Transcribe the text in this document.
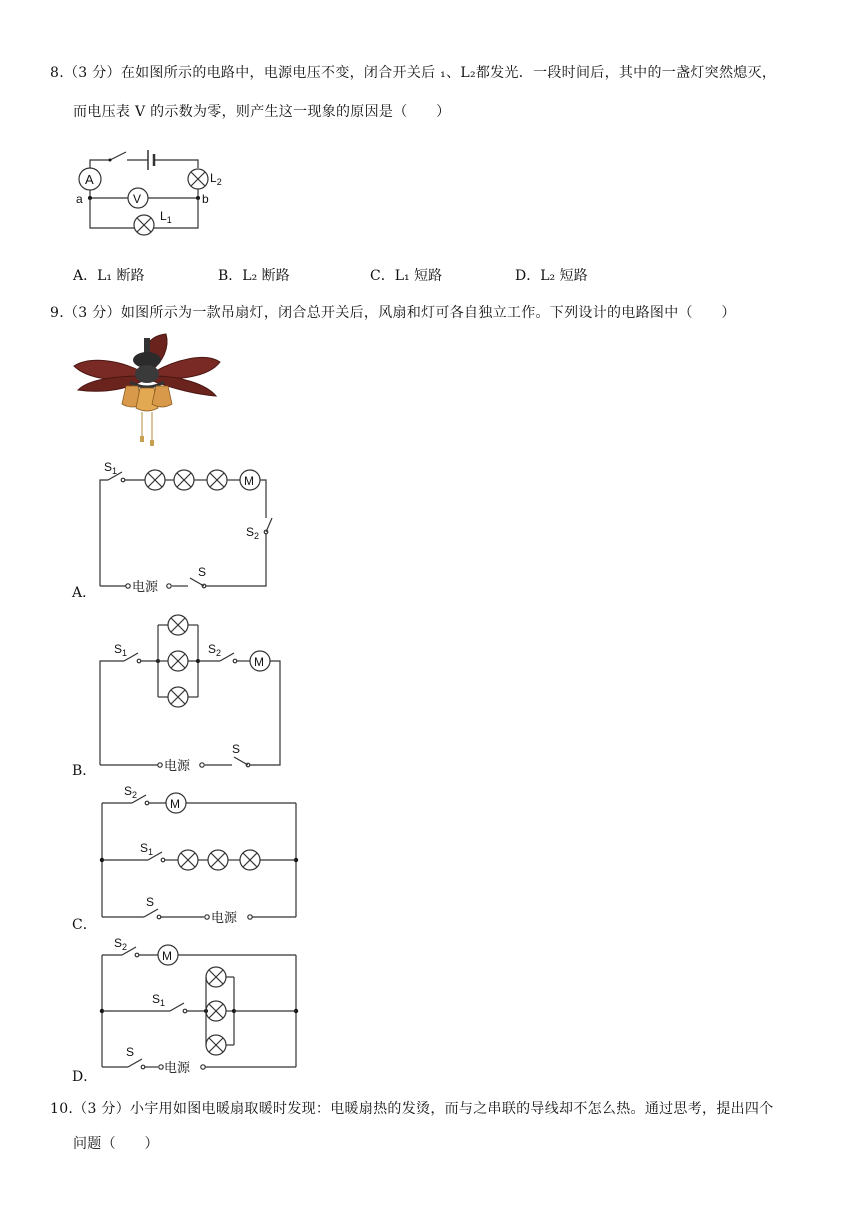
8.（3 分）在如图所示的电路中，电源电压不变，闭合开关后 ₁、L₂都发光．一段时间后，其中的一盏灯突然熄灭，
而电压表 V 的示数为零，则产生这一现象的原因是（　　）
A	$L_2$
V
a	b
$L_1$
A．L₁ 断路	B．L₂ 断路	C．L₁ 短路	D．L₂ 短路
9.（3 分）如图所示为一款吊扇灯，闭合总开关后，风扇和灯可各自独立工作。下列设计的电路图中（　　）
A．
$S_1$
M
$S_2$
S
电源
B．
$S_1$	$S_2$
M
S
电源
C．
$S_2$
M
$S_1$
S
电源
D．
$S_2$
M
$S_1$
S
电源
10.（3 分）小宇用如图电暖扇取暖时发现：电暖扇热的发烫，而与之串联的导线却不怎么热。通过思考，提出四个
问题（　　）
